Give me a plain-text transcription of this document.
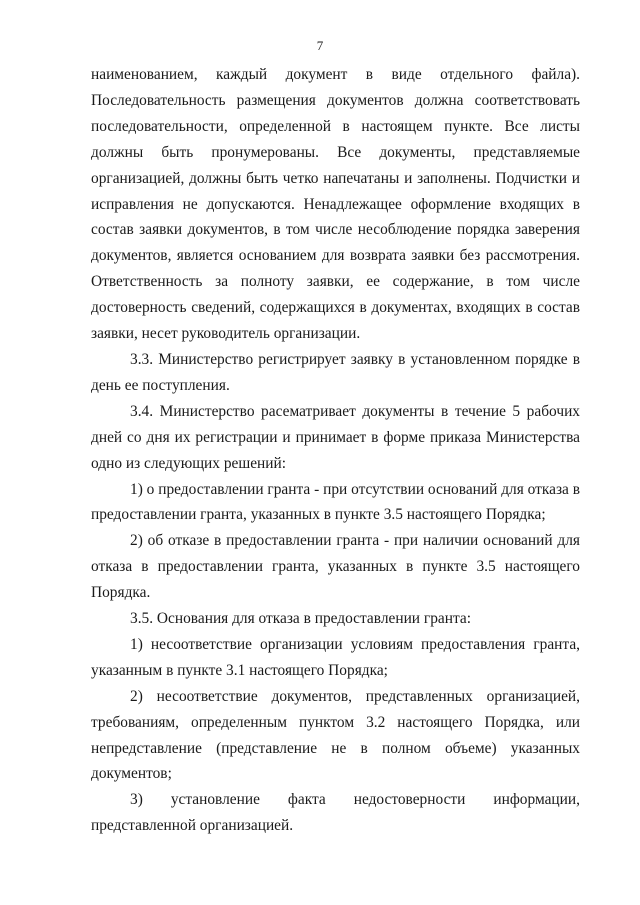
7

наименованием, каждый документ в виде отдельного файла). Последовательность размещения документов должна соответствовать последовательности, определенной в настоящем пункте. Все листы должны быть пронумерованы. Все документы, представляемые организацией, должны быть четко напечатаны и заполнены. Подчистки и исправления не допускаются. Ненадлежащее оформление входящих в состав заявки документов, в том числе несоблюдение порядка заверения документов, является основанием для возврата заявки без рассмотрения. Ответственность за полноту заявки, ее содержание, в том числе достоверность сведений, содержащихся в документах, входящих в состав заявки, несет руководитель организации.

3.3. Министерство регистрирует заявку в установленном порядке в день ее поступления.

3.4. Министерство расематривает документы в течение 5 рабочих дней со дня их регистрации и принимает в форме приказа Министерства одно из следующих решений:

1) о предоставлении гранта - при отсутствии оснований для отказа в предоставлении гранта, указанных в пункте 3.5 настоящего Порядка;

2) об отказе в предоставлении гранта - при наличии оснований для отказа в предоставлении гранта, указанных в пункте 3.5 настоящего Порядка.

3.5. Основания для отказа в предоставлении гранта:

1) несоответствие организации условиям предоставления гранта, указанным в пункте 3.1 настоящего Порядка;

2) несоответствие документов, представленных организацией, требованиям, определенным пунктом 3.2 настоящего Порядка, или непредставление (представление не в полном объеме) указанных документов;

3) установление факта недостоверности информации, представленной организацией.
